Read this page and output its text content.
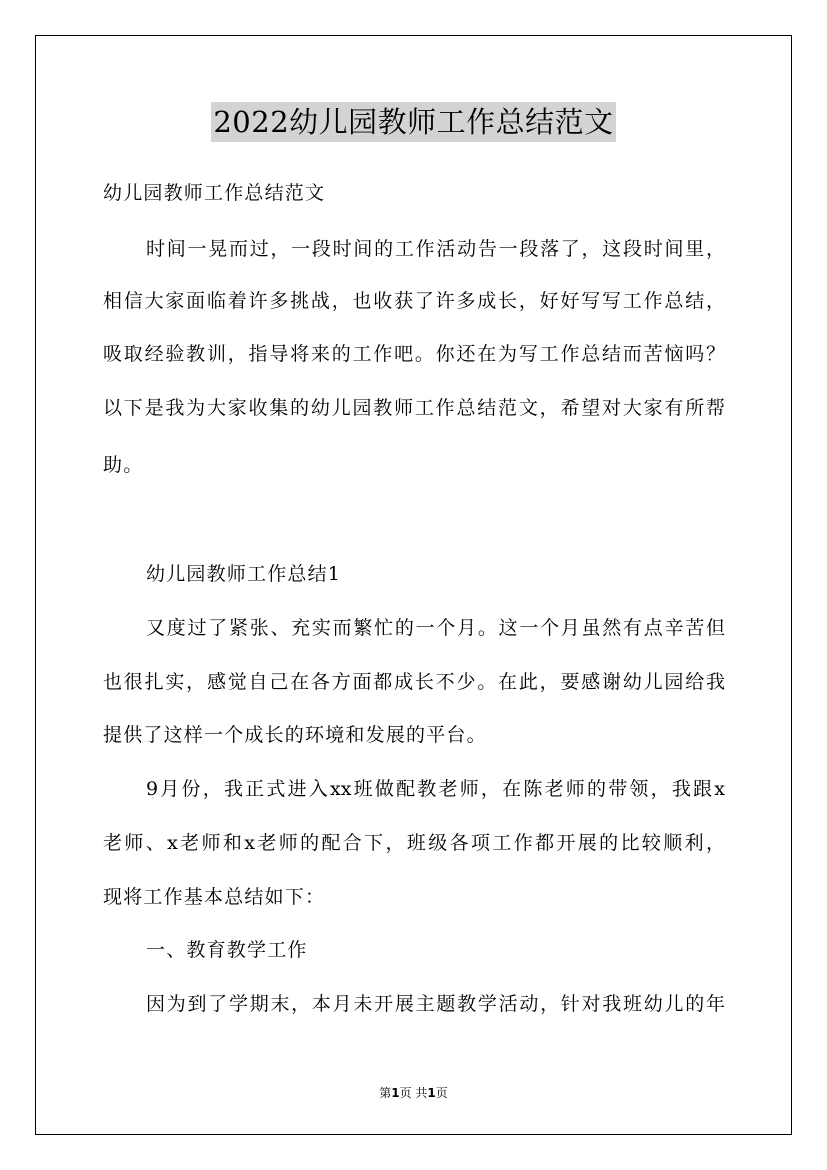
2022幼儿园教师工作总结范文
幼儿园教师工作总结范文
时间一晃而过，一段时间的工作活动告一段落了，这段时间里，
相信大家面临着许多挑战，也收获了许多成长，好好写写工作总结，
吸取经验教训，指导将来的工作吧。你还在为写工作总结而苦恼吗？
以下是我为大家收集的幼儿园教师工作总结范文，希望对大家有所帮
助。
幼儿园教师工作总结1
又度过了紧张、充实而繁忙的一个月。这一个月虽然有点辛苦但
也很扎实，感觉自己在各方面都成长不少。在此，要感谢幼儿园给我
提供了这样一个成长的环境和发展的平台。
9月份，我正式进入xx班做配教老师，在陈老师的带领，我跟x
老师、x老师和x老师的配合下，班级各项工作都开展的比较顺利，
现将工作基本总结如下：
一、教育教学工作
因为到了学期末，本月未开展主题教学活动，针对我班幼儿的年
第1页 共1页
